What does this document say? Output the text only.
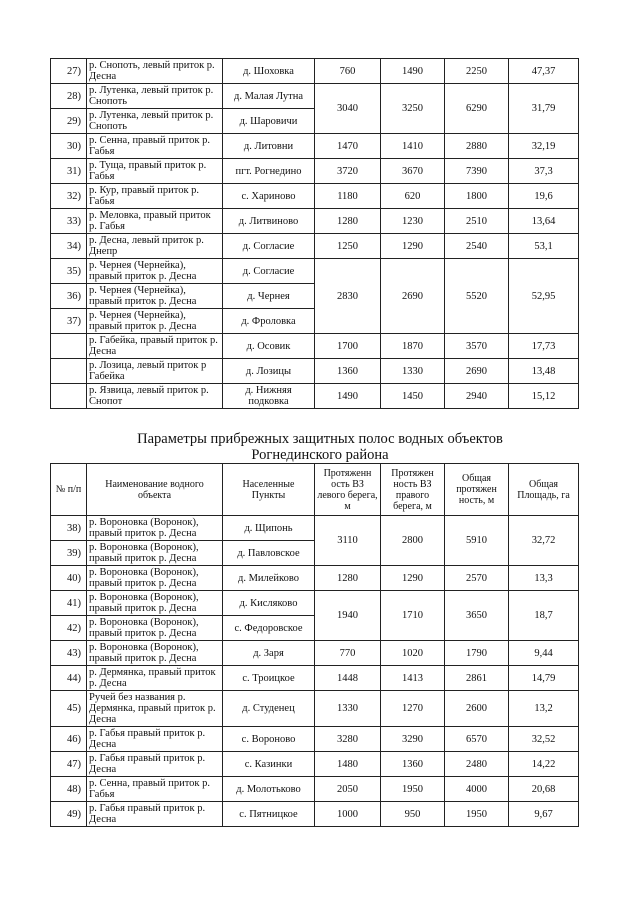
27)	р. Снопоть, левый приток р. Десна	д. Шоховка	760	1490	2250	47,37
28)	р. Лутенка, левый приток р. Снопоть	д. Малая Лутна	3040	3250	6290	31,79
29)	р. Лутенка, левый приток р. Снопоть	д. Шаровичи				
30)	р. Сенна, правый приток р. Габья	д. Литовни	1470	1410	2880	32,19
31)	р. Туща, правый приток р. Габья	пгт. Рогнедино	3720	3670	7390	37,3
32)	р. Кур, правый приток р. Габья	с. Хариново	1180	620	1800	19,6
33)	р. Меловка, правый приток р. Габья	д. Литвиново	1280	1230	2510	13,64
34)	р. Десна, левый приток р. Днепр	д. Согласие	1250	1290	2540	53,1
35)	р. Чернея (Чернейка), правый приток р. Десна	д. Согласие	2830	2690	5520	52,95
36)	р. Чернея (Чернейка), правый приток р. Десна	д. Чернея				
37)	р. Чернея (Чернейка), правый приток р. Десна	д. Фроловка				
	р. Габейка, правый приток р. Десна	д. Осовик	1700	1870	3570	17,73
	р. Лозица, левый приток р Габейка	д. Лозицы	1360	1330	2690	13,48
	р. Язвица, левый приток р. Снопот	д. Нижняя подковка	1490	1450	2940	15,12
Параметры прибрежных защитных полос водных объектов
Рогнединского района
№ п/п	Наименование водного объекта	Населенные Пункты	Протяженн ость ВЗ левого берега, м	Протяжен ность ВЗ правого берега, м	Общая протяжен ность, м	Общая Площадь, га
38)	р. Вороновка (Воронок), правый приток р. Десна	д. Щипонь	3110	2800	5910	32,72
39)	р. Вороновка (Воронок), правый приток р. Десна	д. Павловское				
40)	р. Вороновка (Воронок), правый приток р. Десна	д. Милейково	1280	1290	2570	13,3
41)	р. Вороновка (Воронок), правый приток р. Десна	д. Кисляково	1940	1710	3650	18,7
42)	р. Вороновка (Воронок), правый приток р. Десна	с. Федоровское				
43)	р. Вороновка (Воронок), правый приток р. Десна	д. Заря	770	1020	1790	9,44
44)	р. Дермянка, правый приток р. Десна	с. Троицкое	1448	1413	2861	14,79
45)	Ручей без названия р. Дермянка, правый приток р. Десна	д. Студенец	1330	1270	2600	13,2
46)	р. Габья правый приток р. Десна	с. Вороново	3280	3290	6570	32,52
47)	р. Габья правый приток р. Десна	с. Казинки	1480	1360	2480	14,22
48)	р. Сенна, правый приток р. Габья	д. Молотьково	2050	1950	4000	20,68
49)	р. Габья правый приток р. Десна	с. Пятницкое	1000	950	1950	9,67
